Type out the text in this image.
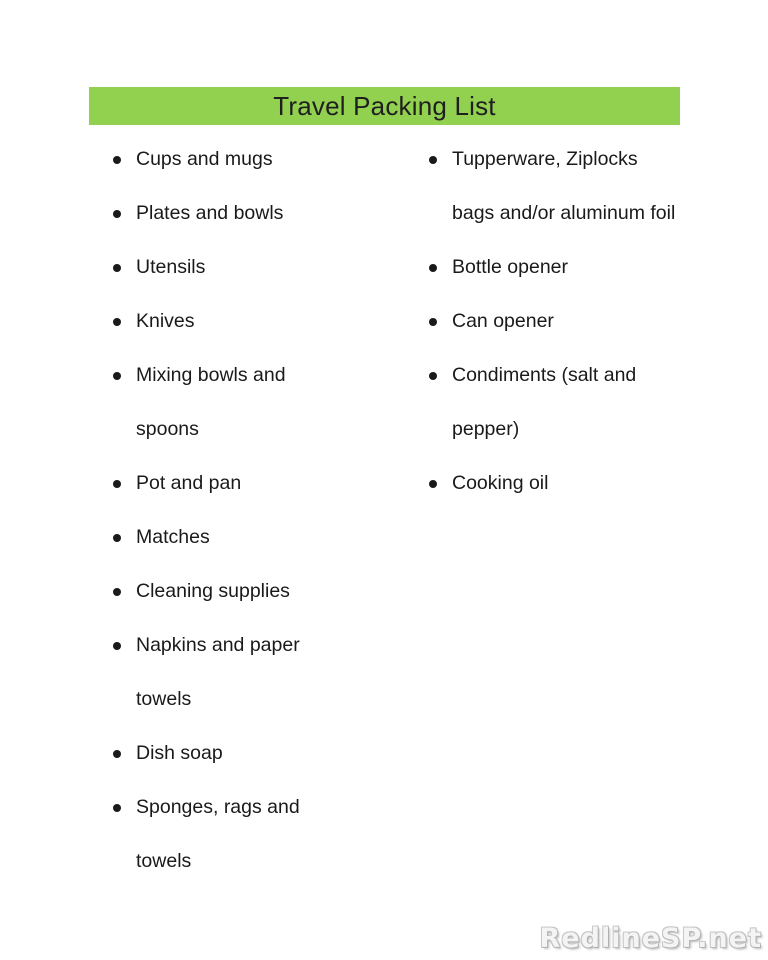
Travel Packing List
Cups and mugs
Plates and bowls
Utensils
Knives
Mixing bowls and spoons
Pot and pan
Matches
Cleaning supplies
Napkins and paper towels
Dish soap
Sponges, rags and towels
Tupperware, Ziplocks bags and/or aluminum foil
Bottle opener
Can opener
Condiments (salt and pepper)
Cooking oil
RedlineSP.net
